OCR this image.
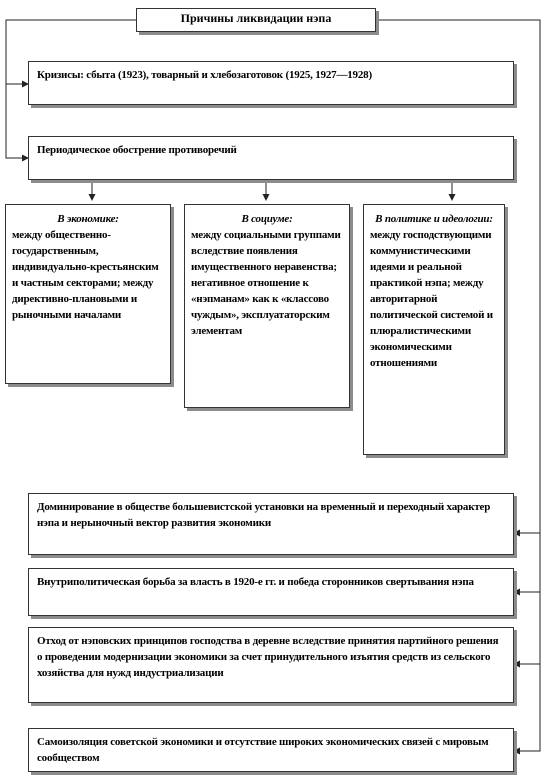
Причины ликвидации нэпа
Кризисы: сбыта (1923), товарный и хлебозаготовок (1925, 1927—1928)
Периодическое обострение противоречий
В экономике:
между общественно-государственным, индивидуально-крестьянским и частным секторами; между директивно-плановыми и рыночными началами
В социуме:
между социальными группами вследствие появления имущественного неравенства; негативное отношение к «нэпманам» как к «классово чуждым», эксплуататорским элементам
В политике и идеологии:
между господствующими коммунистическими идеями и реальной практикой нэпа; между авторитарной политической системой и плюралистическими экономическими отношениями
Доминирование в обществе большевистской установки на временный и переходный характер нэпа и нерыночный вектор развития экономики
Внутриполитическая борьба за власть в 1920-е гг. и победа сторонников свертывания нэпа
Отход от нэповских принципов господства в деревне вследствие принятия партийного решения о проведении модернизации экономики за счет принудительного изъятия средств из сельского хозяйства для нужд индустриализации
Самоизоляция советской экономики и отсутствие широких экономических связей с мировым сообществом
